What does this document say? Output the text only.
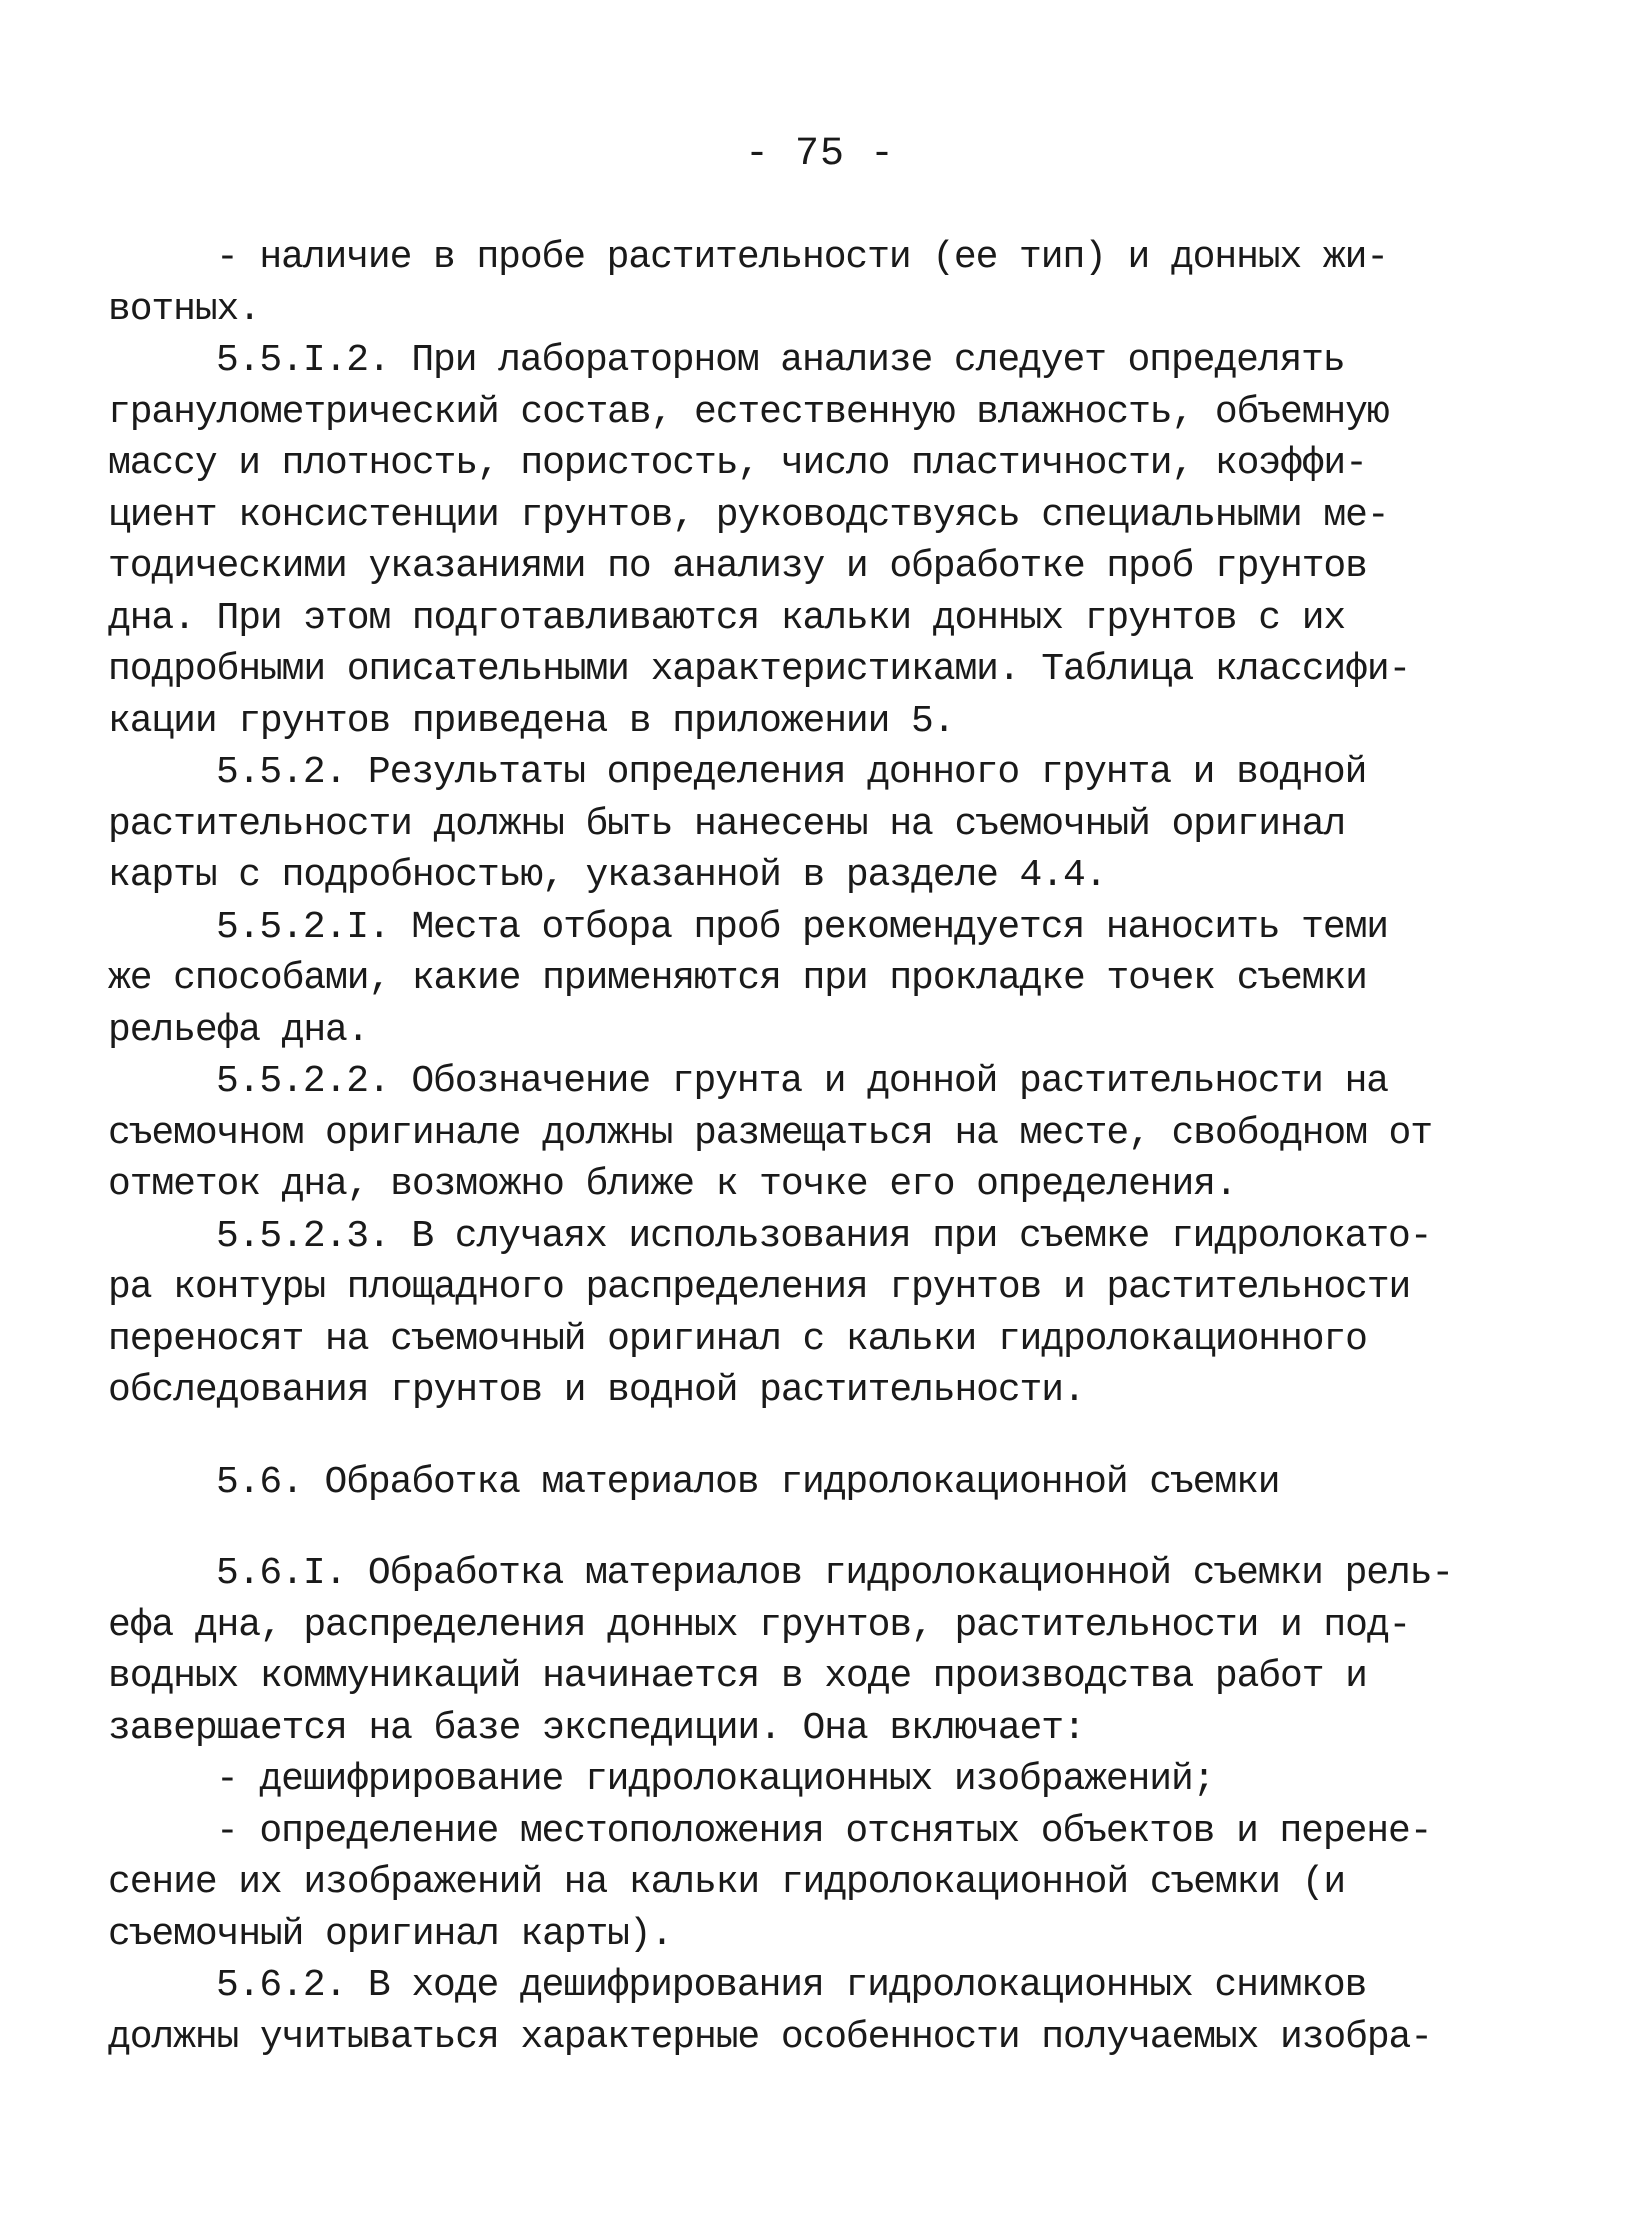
- 75 -
- наличие в пробе растительности (ее тип) и донных жи-
вотных.
5.5.I.2. При лабораторном анализе следует определять
гранулометрический состав, естественную влажность, объемную
массу и плотность, пористость, число пластичности, коэффи-
циент консистенции грунтов, руководствуясь специальными ме-
тодическими указаниями по анализу и обработке проб грунтов
дна. При этом подготавливаются кальки донных грунтов с их
подробными описательными характеристиками. Таблица классифи-
кации грунтов приведена в приложении 5.
5.5.2. Результаты определения донного грунта и водной
растительности должны быть нанесены на съемочный оригинал
карты с подробностью, указанной в разделе 4.4.
5.5.2.I. Места отбора проб рекомендуется наносить теми
же способами, какие применяются при прокладке точек съемки
рельефа дна.
5.5.2.2. Обозначение грунта и донной растительности на
съемочном оригинале должны размещаться на месте, свободном от
отметок дна, возможно ближе к точке его определения.
5.5.2.3. В случаях использования при съемке гидролокато-
ра контуры площадного распределения грунтов и растительности
переносят на съемочный оригинал с кальки гидролокационного
обследования грунтов и водной растительности.
5.6. Обработка материалов гидролокационной съемки
5.6.I. Обработка материалов гидролокационной съемки рель-
ефа дна, распределения донных грунтов, растительности и под-
водных коммуникаций начинается в ходе производства работ и
завершается на базе экспедиции. Она включает:
- дешифрирование гидролокационных изображений;
- определение местоположения отснятых объектов и перене-
сение их изображений на кальки гидролокационной съемки (и
съемочный оригинал карты).
5.6.2. В ходе дешифрирования гидролокационных снимков
должны учитываться характерные особенности получаемых изобра-
